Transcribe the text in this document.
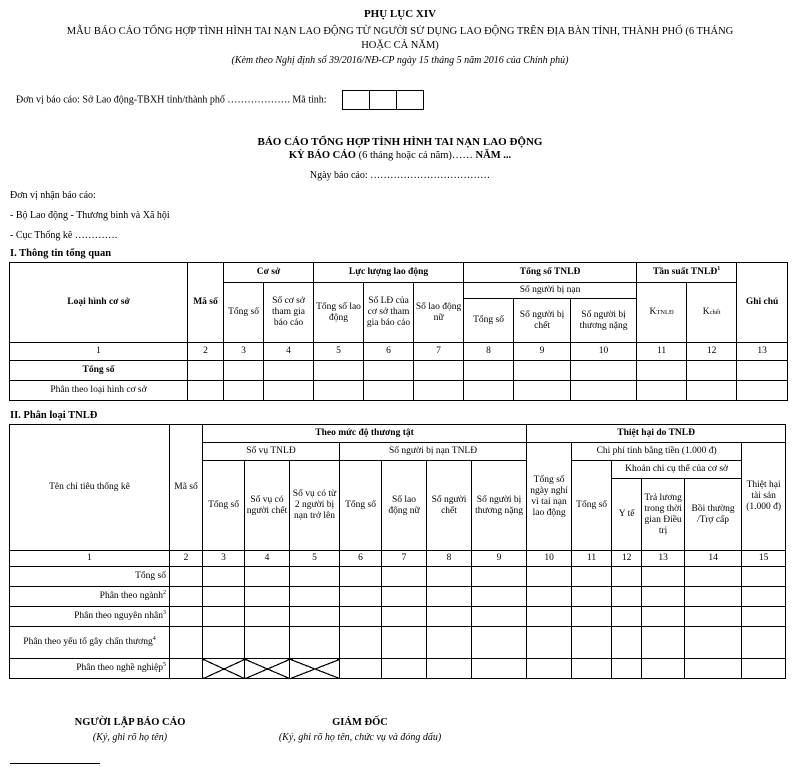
PHỤ LỤC XIV
MẪU BÁO CÁO TỔNG HỢP TÌNH HÌNH TAI NẠN LAO ĐỘNG TỪ NGƯỜI SỬ DỤNG LAO ĐỘNG TRÊN ĐỊA BÀN TỈNH, THÀNH PHỐ (6 THÁNG
HOẶC CẢ NĂM)
(Kèm theo Nghị định số 39/2016/NĐ-CP ngày 15 tháng 5 năm 2016 của Chính phủ)
Đơn vị báo cáo: Sở Lao động-TBXH tỉnh/thành phố ………………. Mã tỉnh:
BÁO CÁO TỔNG HỢP TÌNH HÌNH TAI NẠN LAO ĐỘNG
KỲ BÁO CÁO (6 tháng hoặc cả năm)…… NĂM ...
Ngày báo cáo: ………………………………
Đơn vị nhận báo cáo:
- Bộ Lao động - Thương binh và Xã hội
- Cục Thống kê ………….
I. Thông tin tổng quan
Loại hình cơ sở	Mã số	Cơ sở		Lực lượng lao động			Tổng số TNLĐ			Tần suất TNLĐ$^1$		Ghi chú
		Tổng số	Số cơ sở tham gia báo cáo	Tổng số lao động	Số LĐ của cơ sở tham gia báo cáo	Số lao động nữ	Số người bị nạn			KTNLĐ	Kchết	
							Tổng số	Số người bị chết	Số người bị thương nặng			
1	2	3	4	5	6	7	8	9	10	11	12	13
Tổng số												
Phân theo loại hình cơ sở												
II. Phân loại TNLĐ
Tên chỉ tiêu thống kê	Mã số	Theo mức độ thương tật							Thiệt hại do TNLĐ						
		Số vụ TNLĐ			Số người bị nạn TNLĐ				Tổng số ngày nghỉ vì tai nạn lao động	Chi phí tính bằng tiền (1.000 đ)				Thiệt hại tài sản (1.000 đ)	
		Tổng số	Số vụ có người chết	Số vụ có từ 2 người bị nạn trở lên	Tổng số	Số lao động nữ	Số người chết	Số người bị thương nặng		Tổng số	Khoản chi cụ thể của cơ sở				
											Y tế	Trả lương trong thời gian Điều trị	Bồi thường /Trợ cấp		
1	2	3	4	5	6	7	8	9	10	11	12	13	14	15	
Tổng số															
Phân theo ngành$^2$															
Phân theo nguyên nhân$^3$															
Phân theo yếu tố gây chấn thương$^4$															
Phân theo nghề nghiệp$^5$															
NGƯỜI LẬP BÁO CÁO
(Ký, ghi rõ họ tên)
GIÁM ĐỐC
(Ký, ghi rõ họ tên, chức vụ và đóng dấu)
